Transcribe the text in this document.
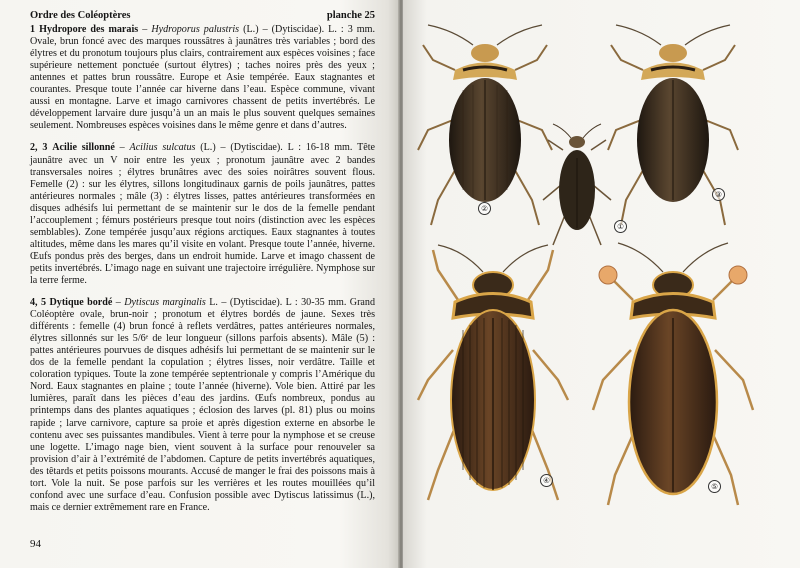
Ordre des Coléoptères	planche 25

1 Hydropore des marais – Hydroporus palustris (L.) – (Dytiscidae). L. : 3 mm. Ovale, brun foncé avec des marques roussâtres à jaunâtres très variables ; bord des élytres et du pronotum toujours plus clairs, contrairement aux espèces voisines ; face supérieure nettement ponctuée (surtout élytres) ; taches noires près des yeux ; antennes et pattes brun roussâtre. Europe et Asie tempérée. Eaux stagnantes et courantes. Presque toute l’année car hiverne dans l’eau. Espèce commune, vivant aussi en montagne. Larve et imago carnivores chassent de petits invertébrés. Le développement larvaire dure jusqu’à un an mais le plus souvent quelques semaines seulement. Nombreuses espèces voisines dans le même genre et dans d’autres.

2, 3 Acilie sillonné – Acilius sulcatus (L.) – (Dytiscidae). L : 16-18 mm. Tête jaunâtre avec un V noir entre les yeux ; pronotum jaunâtre avec 2 bandes transversales noires ; élytres brunâtres avec des soies noirâtres souvent flous. Femelle (2) : sur les élytres, sillons longitudinaux garnis de poils jaunâtres, pattes antérieures normales ; mâle (3) : élytres lisses, pattes antérieures transformées en disques adhésifs lui permettant de se maintenir sur le dos de la femelle pendant l’accouplement ; fémurs postérieurs presque tout noirs (distinction avec les espèces semblables). Zone tempérée jusqu’aux régions arctiques. Eaux stagnantes à toutes altitudes, même dans les mares qu’il visite en volant. Presque toute l’année, hiverne. Œufs pondus près des berges, dans un endroit humide. Larve et imago chassent de petits invertébrés. L’imago nage en suivant une trajectoire irrégulière. Nymphose sur la terre ferme.

4, 5 Dytique bordé – Dytiscus marginalis L. – (Dytiscidae). L : 30-35 mm. Grand Coléoptère ovale, brun-noir ; pronotum et élytres bordés de jaune. Sexes très différents : femelle (4) brun foncé à reflets verdâtres, pattes antérieures normales, élytres sillonnés sur les 5/6ᵉ de leur longueur (sillons parfois absents). Mâle (5) : pattes antérieures pourvues de disques adhésifs lui permettant de se maintenir sur le dos de la femelle pendant la copulation ; élytres lisses, noir verdâtre. Taille et coloration typiques. Toute la zone tempérée septentrionale y compris l’Amérique du Nord. Eaux stagnantes en plaine ; toute l’année (hiverne). Vole bien. Attiré par les lumières, paraît dans les pièces d’eau des jardins. Œufs nombreux, pondus au printemps dans des plantes aquatiques ; éclosion des larves (pl. 81) plus ou moins rapide ; larve carnivore, capture sa proie et après digestion externe en absorbe le contenu avec ses puissantes mandibules. Vient à terre pour la nymphose et se creuse une logette. L’imago nage bien, vient souvent à la surface pour renouveler sa provision d’air à l’extrémité de l’abdomen. Capture de petits invertébrés aquatiques, des têtards et petits poissons mourants. Accusé de manger le frai des poissons mais à tort. Vole la nuit. Se pose parfois sur les verrières et les routes mouillées qu’il confond avec une surface d’eau. Confusion possible avec Dytiscus latissimus (L.), mais ce dernier extrêmement rare en France.

94
①
②
③
④
⑤
